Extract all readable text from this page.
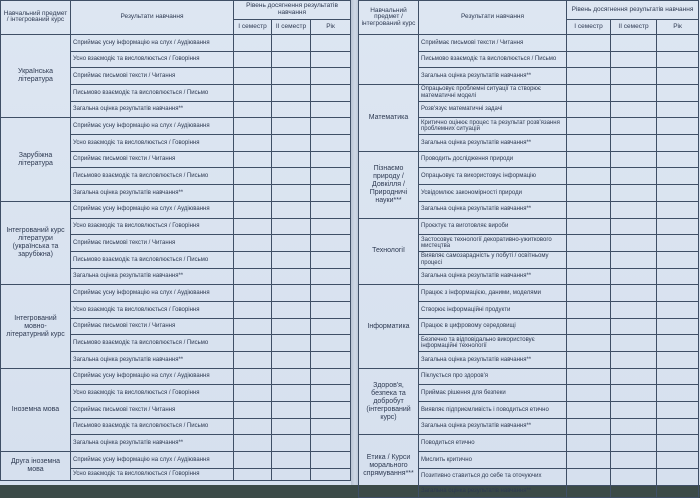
Навчальний предмет / інтегрований курс	Результати навчання	Рівень досягнення результатів навчання		
		І семестр	ІІ семестр	Рік
Українська література	Сприймає усну інформацію на слух / Аудіювання			
	Усно взаємодіє та висловлюється / Говоріння			
	Сприймає письмові тексти / Читання			
	Письмово взаємодіє та висловлюється / Письмо			
	Загальна оцінка результатів навчання**			
Зарубіжна література	Сприймає усну інформацію на слух / Аудіювання			
	Усно взаємодіє та висловлюється / Говоріння			
	Сприймає письмові тексти / Читання			
	Письмово взаємодіє та висловлюється / Письмо			
	Загальна оцінка результатів навчання**			
Інтегрований курс літератури (українська та зарубіжна)	Сприймає усну інформацію на слух / Аудіювання			
	Усно взаємодіє та висловлюється / Говоріння			
	Сприймає письмові тексти / Читання			
	Письмово взаємодіє та висловлюється / Письмо			
	Загальна оцінка результатів навчання**			
Інтегрований мовно-літературний курс	Сприймає усну інформацію на слух / Аудіювання			
	Усно взаємодіє та висловлюється / Говоріння			
	Сприймає письмові тексти / Читання			
	Письмово взаємодіє та висловлюється / Письмо			
	Загальна оцінка результатів навчання**			
Іноземна мова	Сприймає усну інформацію на слух / Аудіювання			
	Усно взаємодіє та висловлюється / Говоріння			
	Сприймає письмові тексти / Читання			
	Письмово взаємодіє та висловлюється / Письмо			
	Загальна оцінка результатів навчання**			
Друга іноземна мова	Сприймає усну інформацію на слух / Аудіювання			
	Усно взаємодіє та висловлюється / Говоріння			
Навчальний предмет / інтегрований курс	Результати навчання	Рівень досягнення результатів навчання		
		І семестр	ІІ семестр	Рік
	Сприймає письмові тексти / Читання			
	Письмово взаємодіє та висловлюється / Письмо			
	Загальна оцінка результатів навчання**			
Математика	Опрацьовує проблемні ситуації та створює математичні моделі			
	Розв'язує математичні задачі			
	Критично оцінює процес та результат розв'язання проблемних ситуацій			
	Загальна оцінка результатів навчання**			
Пізнаємо природу / Довкілля / Природничі науки***	Проводить дослідження природи			
	Опрацьовує та використовує інформацію			
	Усвідомлює закономірності природи			
	Загальна оцінка результатів навчання**			
Технології	Проєктує та виготовляє вироби			
	Застосовує технології декоративно-ужиткового мистецтва			
	Виявляє самозарадність у побуті / освітньому процесі			
	Загальна оцінка результатів навчання**			
Інформатика	Працює з інформацією, даними, моделями			
	Створює інформаційні продукти			
	Працює в цифровому середовищі			
	Безпечно та відповідально використовує інформаційні технології			
	Загальна оцінка результатів навчання**			
Здоров'я, безпека та добробут (інтегрований курс)	Піклується про здоров'я			
	Приймає рішення для безпеки			
	Виявляє підприємливість і поводиться етично			
	Загальна оцінка результатів навчання**			
Етика / Курси морального спрямування***	Поводиться етично			
	Мислить критично			
	Позитивно ставиться до себе та оточуючих			
	Загальна оцінка результатів навчання**			
